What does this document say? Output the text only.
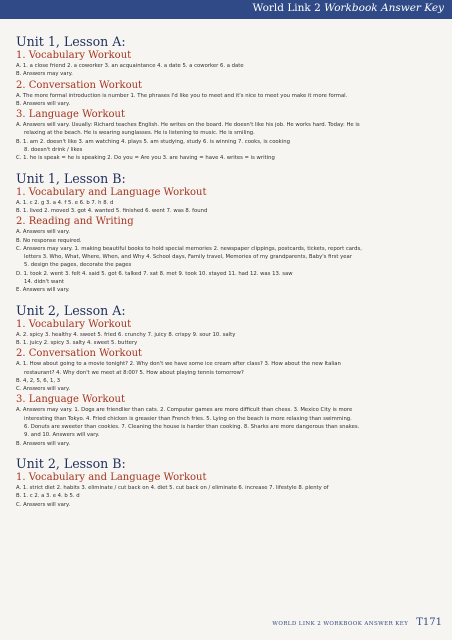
World Link 2 Workbook Answer Key
Unit 1, Lesson A:
1. Vocabulary Workout
A. 1. a close friend 2. a coworker 3. an acquaintance 4. a date 5. a coworker 6. a date
B. Answers may vary.
2. Conversation Workout
A. The more formal introduction is number 1. The phrases I'd like you to meet and it's nice to meet you make it more formal.
B. Answers will vary.
3. Language Workout
A. Answers will vary. Usually: Richard teaches English. He writes on the board. He doesn't like his job. He works hard. Today: He is
relaxing at the beach. He is wearing sunglasses. He is listening to music. He is smiling.
B. 1. am 2. doesn't like 3. am watching 4. plays 5. am studying, study 6. is winning 7. cooks, is cooking
8. doesn't drink / likes
C. 1. he is speak = he is speaking 2. Do you = Are you 3. are having = have 4. writes = is writing
Unit 1, Lesson B:
1. Vocabulary and Language Workout
A. 1. c 2. g 3. a 4. f 5. e 6. b 7. h 8. d
B. 1. lived 2. moved 3. got 4. wanted 5. finished 6. went 7. was 8. found
2. Reading and Writing
A. Answers will vary.
B. No response required.
C. Answers may vary. 1. making beautiful books to hold special memories 2. newspaper clippings, postcards, tickets, report cards,
letters 3. Who, What, Where, When, and Why 4. School days, Family travel, Memories of my grandparents, Baby's first year
5. design the pages, decorate the pages
D. 1. took 2. went 3. felt 4. said 5. got 6. talked 7. sat 8. met 9. took 10. stayed 11. had 12. was 13. saw
14. didn't want
E. Answers will vary.
Unit 2, Lesson A:
1. Vocabulary Workout
A. 2. spicy 3. healthy 4. sweet 5. fried 6. crunchy 7. juicy 8. crispy 9. sour 10. salty
B. 1. juicy 2. spicy 3. salty 4. sweet 5. buttery
2. Conversation Workout
A. 1. How about going to a movie tonight? 2. Why don't we have some ice cream after class? 3. How about the new Italian
restaurant? 4. Why don't we meet at 8:00? 5. How about playing tennis tomorrow?
B. 4, 2, 5, 6, 1, 3
C. Answers will vary.
3. Language Workout
A. Answers may vary. 1. Dogs are friendlier than cats. 2. Computer games are more difficult than chess. 3. Mexico City is more
interesting than Tokyo. 4. Fried chicken is greasier than French fries. 5. Lying on the beach is more relaxing than swimming.
6. Donuts are sweeter than cookies. 7. Cleaning the house is harder than cooking. 8. Sharks are more dangerous than snakes.
9. and 10. Answers will vary.
B. Answers will vary.
Unit 2, Lesson B:
1. Vocabulary and Language Workout
A. 1. strict diet 2. habits 3. eliminate / cut back on 4. diet 5. cut back on / eliminate 6. increase 7. lifestyle 8. plenty of
B. 1. c 2. a 3. e 4. b 5. d
C. Answers will vary.
WORLD LINK 2 WORKBOOK ANSWER KEY T171
